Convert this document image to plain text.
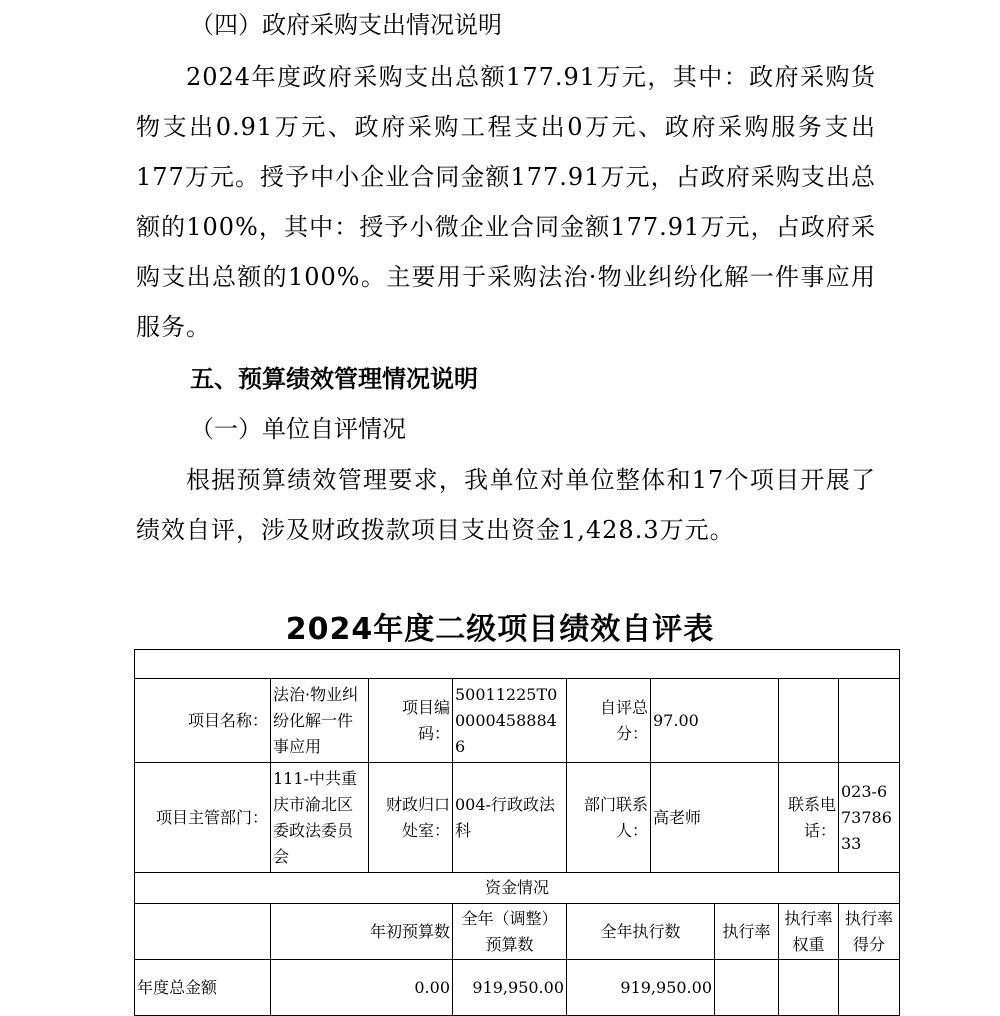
（四）政府采购支出情况说明

2024年度政府采购支出总额177.91万元，其中：政府采购货物支出0.91万元、政府采购工程支出0万元、政府采购服务支出177万元。授予中小企业合同金额177.91万元，占政府采购支出总额的100%，其中：授予小微企业合同金额177.91万元，占政府采购支出总额的100%。主要用于采购法治·物业纠纷化解一件事应用服务。

五、预算绩效管理情况说明

（一）单位自评情况

根据预算绩效管理要求，我单位对单位整体和17个项目开展了绩效自评，涉及财政拨款项目支出资金1,428.3万元。

2024年度二级项目绩效自评表

项目名称：	法治·物业纠纷化解一件事应用	项目编码：	50011225T000004588846	自评总分：	97.00			
项目主管部门：	111-中共重庆市渝北区委政法委员会	财政归口处室：	004-行政政法科	部门联系人：	高老师		联系电话：	023-67378633
资金情况								
	年初预算数		全年（调整）预算数	全年执行数		执行率	执行率权重	执行率得分
年度总金额	0.00		919,950.00	919,950.00				
